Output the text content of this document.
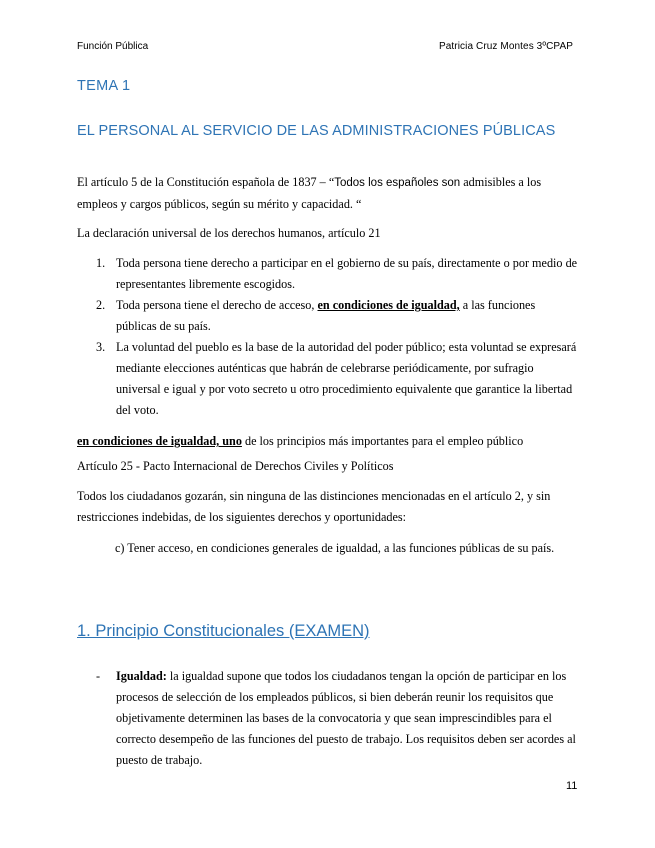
Función Pública	Patricia Cruz Montes 3ºCPAP
TEMA 1
EL PERSONAL AL SERVICIO DE LAS ADMINISTRACIONES PÚBLICAS
El artículo 5 de la Constitución española de 1837 – “Todos los españoles son admisibles a los empleos y cargos públicos, según su mérito y capacidad. “
La declaración universal de los derechos humanos, artículo 21
1. Toda persona tiene derecho a participar en el gobierno de su país, directamente o por medio de representantes libremente escogidos.
2. Toda persona tiene el derecho de acceso, en condiciones de igualdad, a las funciones públicas de su país.
3. La voluntad del pueblo es la base de la autoridad del poder público; esta voluntad se expresará mediante elecciones auténticas que habrán de celebrarse periódicamente, por sufragio universal e igual y por voto secreto u otro procedimiento equivalente que garantice la libertad del voto.
en condiciones de igualdad, uno de los principios más importantes para el empleo público
Artículo 25 - Pacto Internacional de Derechos Civiles y Políticos
Todos los ciudadanos gozarán, sin ninguna de las distinciones mencionadas en el artículo 2, y sin restricciones indebidas, de los siguientes derechos y oportunidades:
c) Tener acceso, en condiciones generales de igualdad, a las funciones públicas de su país.
1. Principio Constitucionales (EXAMEN)
-	Igualdad: la igualdad supone que todos los ciudadanos tengan la opción de participar en los procesos de selección de los empleados públicos, si bien deberán reunir los requisitos que objetivamente determinen las bases de la convocatoria y que sean imprescindibles para el correcto desempeño de las funciones del puesto de trabajo. Los requisitos deben ser acordes al puesto de trabajo.
11
